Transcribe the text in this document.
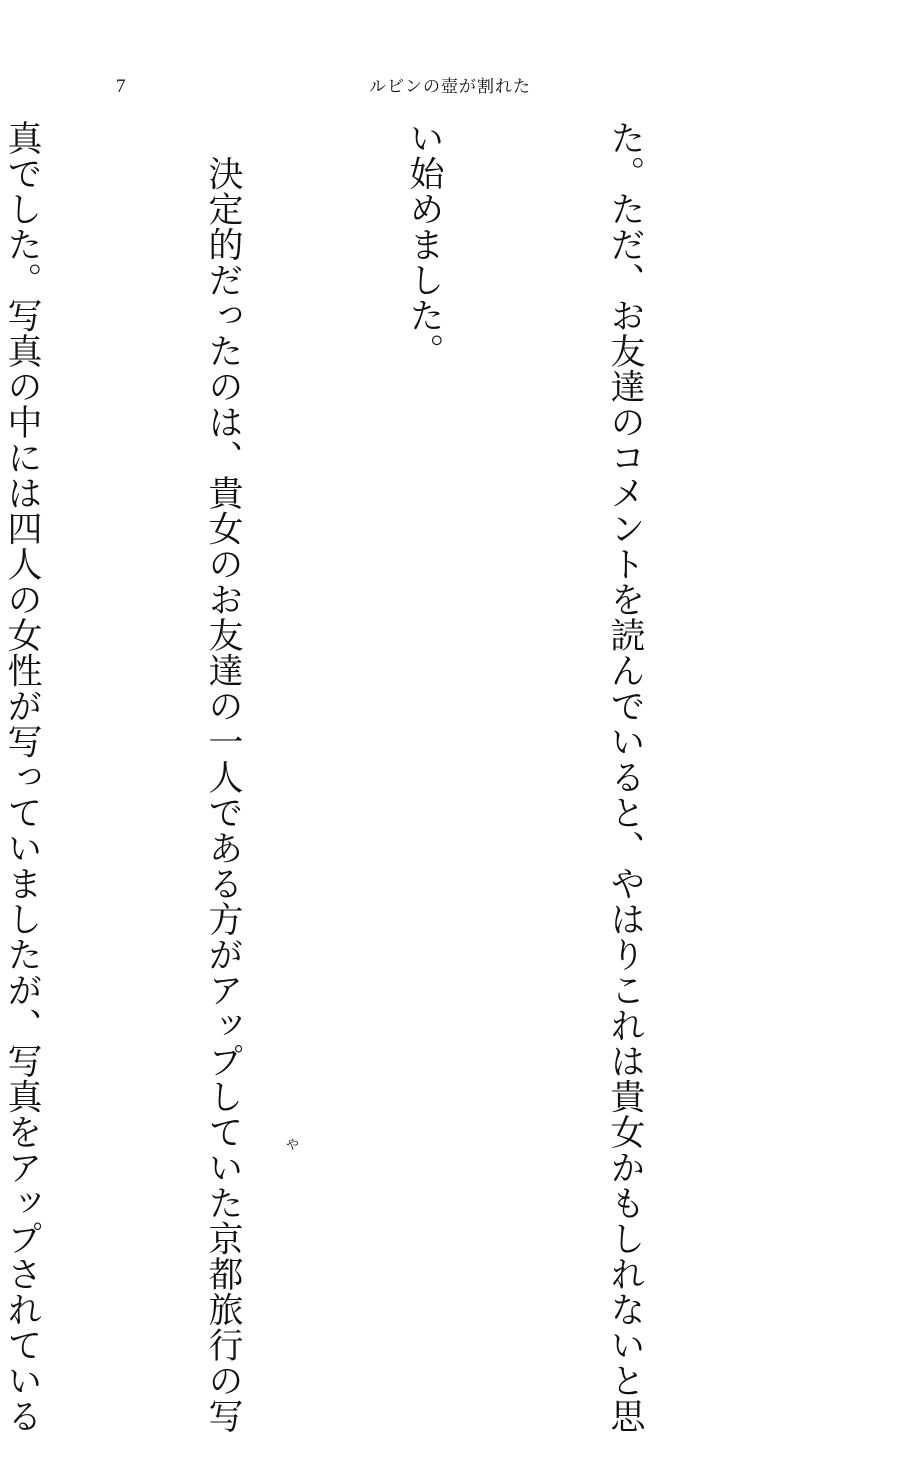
7	ルビンの壺が割れた

た。ただ、お友達のコメントを読んでいると、やはりこれは貴女かもしれないと思

い始めました。

　決定的だったのは、貴女のお友達の一人である方がアップしていた京都旅行の写

真でした。写真の中には四人の女性が写っていましたが、写真をアップされている

	や
